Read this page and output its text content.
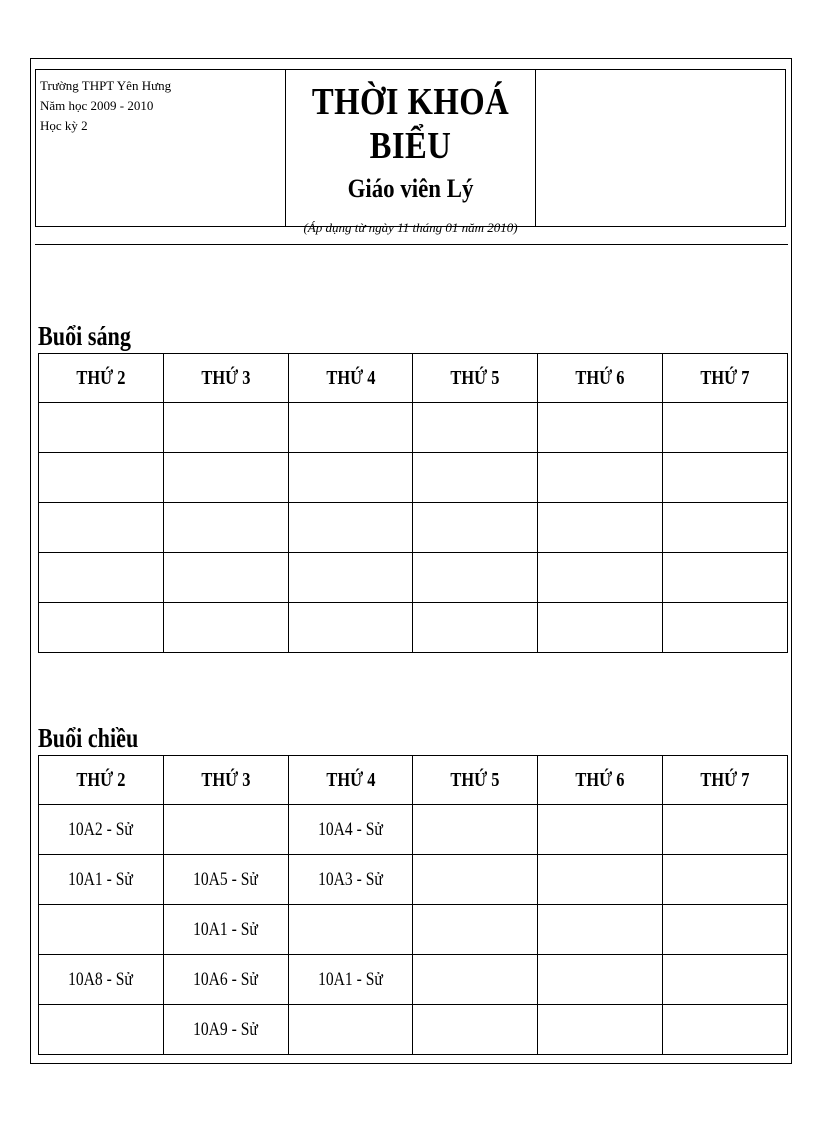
Trường THPT Yên Hưng
Năm học 2009 - 2010
Học kỳ 2
THỜI KHOÁ BIỂU
Giáo viên Lý
(Áp dụng từ ngày 11 tháng 01 năm 2010)
Buổi sáng
THỨ 2	THỨ 3	THỨ 4	THỨ 5	THỨ 6	THỨ 7

Buổi chiều
THỨ 2	THỨ 3	THỨ 4	THỨ 5	THỨ 6	THỨ 7
10A2 - Sử		10A4 - Sử			
10A1 - Sử	10A5 - Sử	10A3 - Sử			
	10A1 - Sử				
10A8 - Sử	10A6 - Sử	10A1 - Sử			
	10A9 - Sử				
